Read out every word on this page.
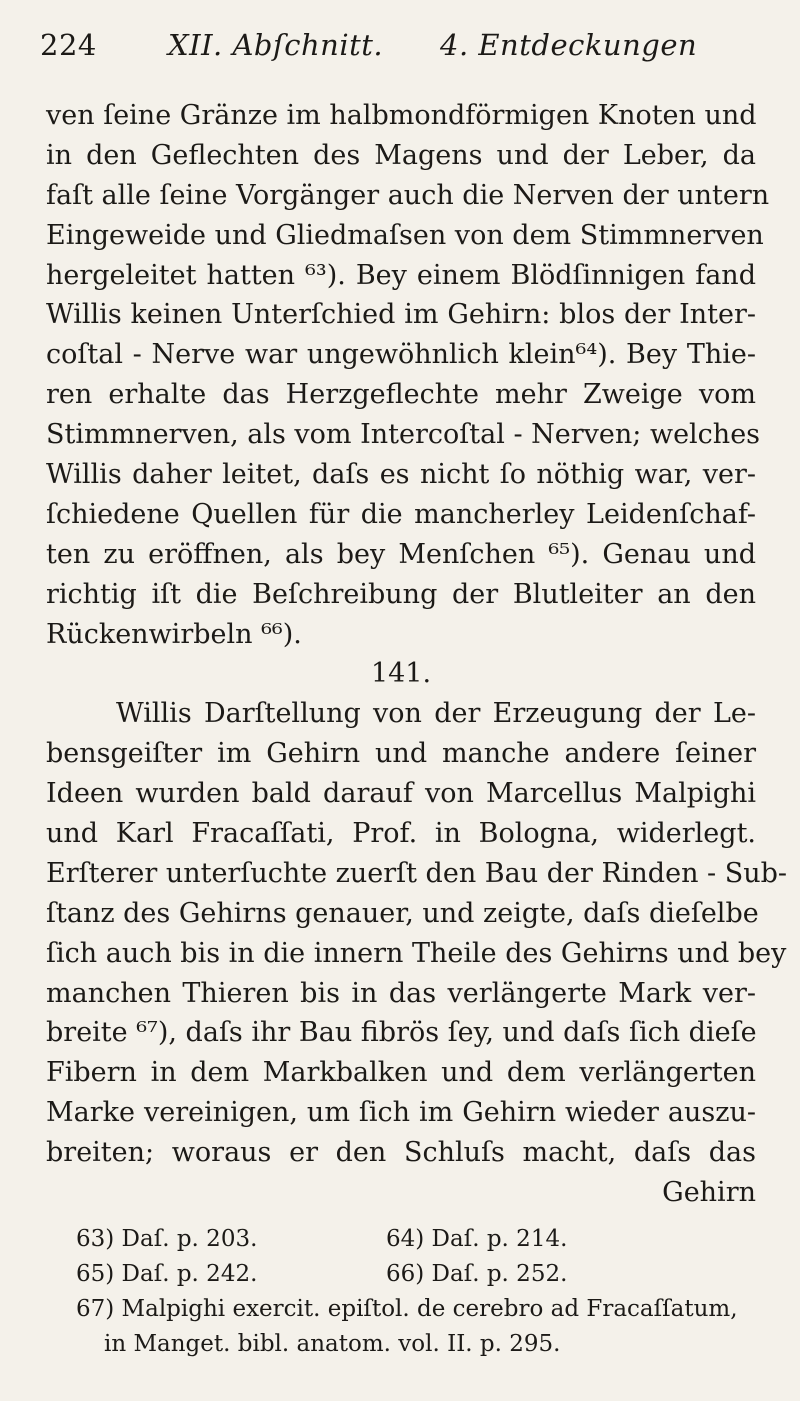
224 XII. Abſchnitt. 4. Entdeckungen
ven ſeine Gränze im halbmondförmigen Knoten und
in den Geflechten des Magens und der Leber, da
faſt alle ſeine Vorgänger auch die Nerven der untern
Eingeweide und Gliedmaſsen von dem Stimmnerven
hergeleitet hatten ⁶³). Bey einem Blödſinnigen fand
Willis keinen Unterſchied im Gehirn: blos der Inter-
coſtal - Nerve war ungewöhnlich klein⁶⁴). Bey Thie-
ren erhalte das Herzgeflechte mehr Zweige vom
Stimmnerven, als vom Intercoſtal - Nerven; welches
Willis daher leitet, daſs es nicht ſo nöthig war, ver-
ſchiedene Quellen für die mancherley Leidenſchaf-
ten zu eröffnen, als bey Menſchen ⁶⁵). Genau und
richtig iſt die Beſchreibung der Blutleiter an den
Rückenwirbeln ⁶⁶).
141.
Willis Darſtellung von der Erzeugung der Le-
bensgeiſter im Gehirn und manche andere ſeiner
Ideen wurden bald darauf von Marcellus Malpighi
und Karl Fracaſſati, Prof. in Bologna, widerlegt.
Erſterer unterſuchte zuerſt den Bau der Rinden - Sub-
ſtanz des Gehirns genauer, und zeigte, daſs dieſelbe
ſich auch bis in die innern Theile des Gehirns und bey
manchen Thieren bis in das verlängerte Mark ver-
breite ⁶⁷), daſs ihr Bau fibrös ſey, und daſs ſich dieſe
Fibern in dem Markbalken und dem verlängerten
Marke vereinigen, um ſich im Gehirn wieder auszu-
breiten; woraus er den Schluſs macht, daſs das
Gehirn
63) Daſ. p. 203.	64) Daſ. p. 214.
65) Daſ. p. 242.	66) Daſ. p. 252.
67) Malpighi exercit. epiſtol. de cerebro ad Fracaſſatum,
in Manget. bibl. anatom. vol. II. p. 295.
